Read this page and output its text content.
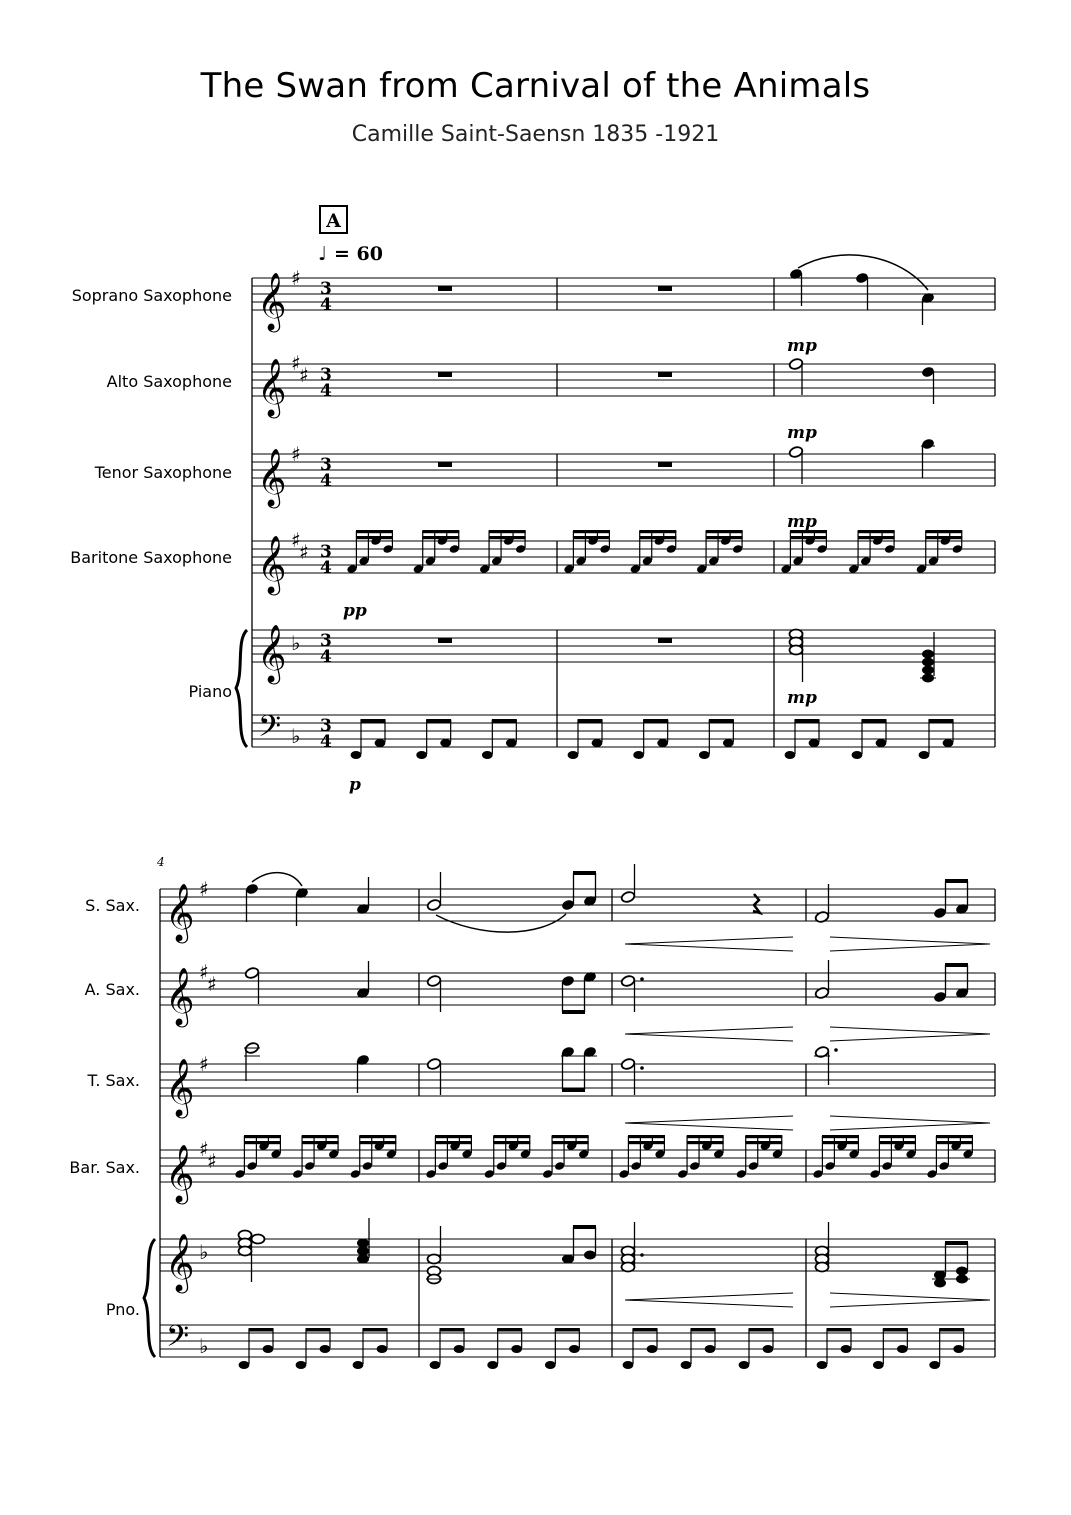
The Swan from Carnival of the Animals
Camille Saint-Saensn 1835 -1921
A
♩ = 60
Soprano Saxophone
Alto Saxophone
Tenor Saxophone
Baritone Saxophone
Piano
𝄞
𝄞
𝄞
𝄞
𝄞
𝄢
♯
♯
♯
♯
♯
♯
♭
♭
3
4
3
4
3
4
3
4
3
4
3
4
mp
mp
pp
mp
p
mp
4
S. Sax.
A. Sax.
T. Sax.
Bar. Sax.
Pno.
𝄞
𝄞
𝄞
𝄞
𝄞
𝄢
♯
♯
♯
♯
♯
♯
♭
♭
